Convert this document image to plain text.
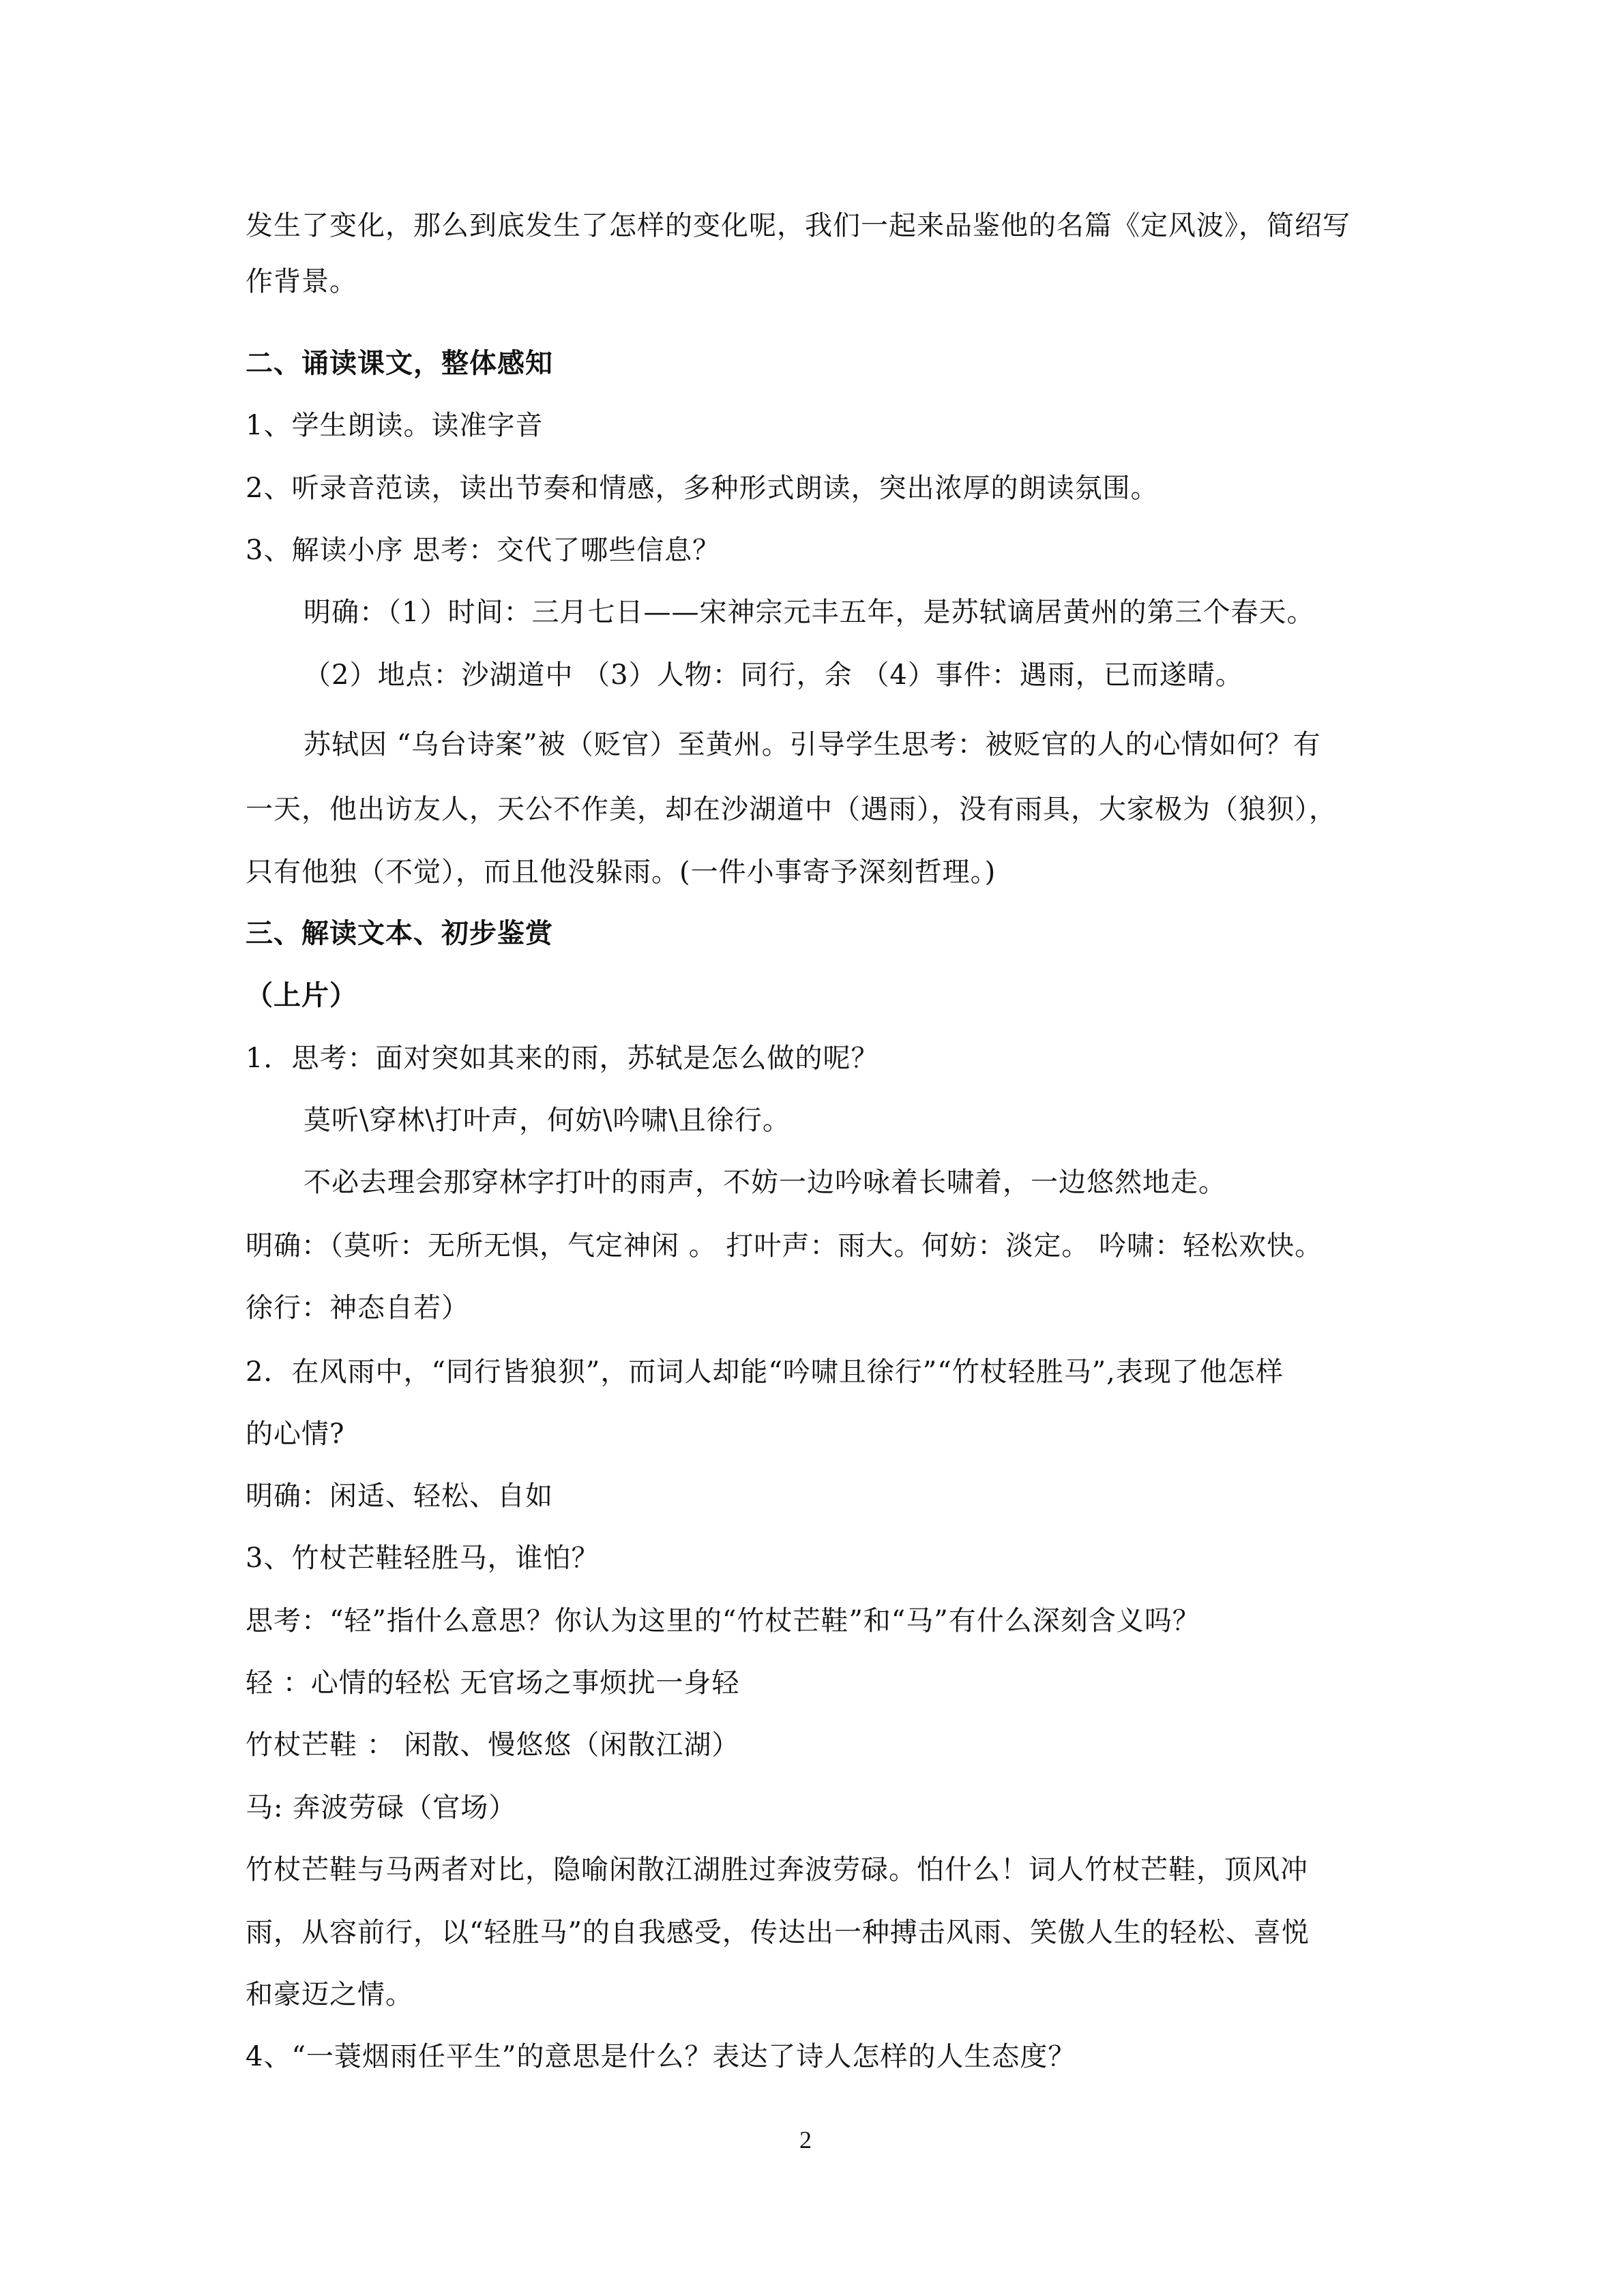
发生了变化，那么到底发生了怎样的变化呢，我们一起来品鉴他的名篇《定风波》，简绍写
作背景。
二、诵读课文，整体感知
1、学生朗读。读准字音
2、听录音范读，读出节奏和情感，多种形式朗读，突出浓厚的朗读氛围。
3、解读小序 思考：交代了哪些信息？
明确：（1）时间：三月七日——宋神宗元丰五年，是苏轼谪居黄州的第三个春天。
（2）地点：沙湖道中 （3）人物：同行，余 （4）事件：遇雨，已而遂晴。
苏轼因 “乌台诗案”被（贬官）至黄州。引导学生思考：被贬官的人的心情如何？有
一天，他出访友人，天公不作美，却在沙湖道中（遇雨），没有雨具，大家极为（狼狈），
只有他独（不觉），而且他没躲雨。(一件小事寄予深刻哲理。)
三、解读文本、初步鉴赏
（上片）
1．思考：面对突如其来的雨，苏轼是怎么做的呢？
莫听\穿林\打叶声，何妨\吟啸\且徐行。
不必去理会那穿林字打叶的雨声，不妨一边吟咏着长啸着，一边悠然地走。
明确：（莫听：无所无惧，气定神闲 。 打叶声：雨大。何妨：淡定。 吟啸：轻松欢快。
徐行：神态自若）
2．在风雨中，“同行皆狼狈”，而词人却能“吟啸且徐行”“竹杖轻胜马”,表现了他怎样
的心情?
明确：闲适、轻松、自如
3、竹杖芒鞋轻胜马，谁怕？
思考：“轻”指什么意思？你认为这里的“竹杖芒鞋”和“马”有什么深刻含义吗？
轻 ：心情的轻松 无官场之事烦扰一身轻
竹杖芒鞋 ： 闲散、慢悠悠（闲散江湖）
马: 奔波劳碌（官场）
竹杖芒鞋与马两者对比，隐喻闲散江湖胜过奔波劳碌。怕什么！词人竹杖芒鞋，顶风冲
雨，从容前行，以“轻胜马”的自我感受，传达出一种搏击风雨、笑傲人生的轻松、喜悦
和豪迈之情。
4、“一蓑烟雨任平生”的意思是什么？表达了诗人怎样的人生态度？
2
